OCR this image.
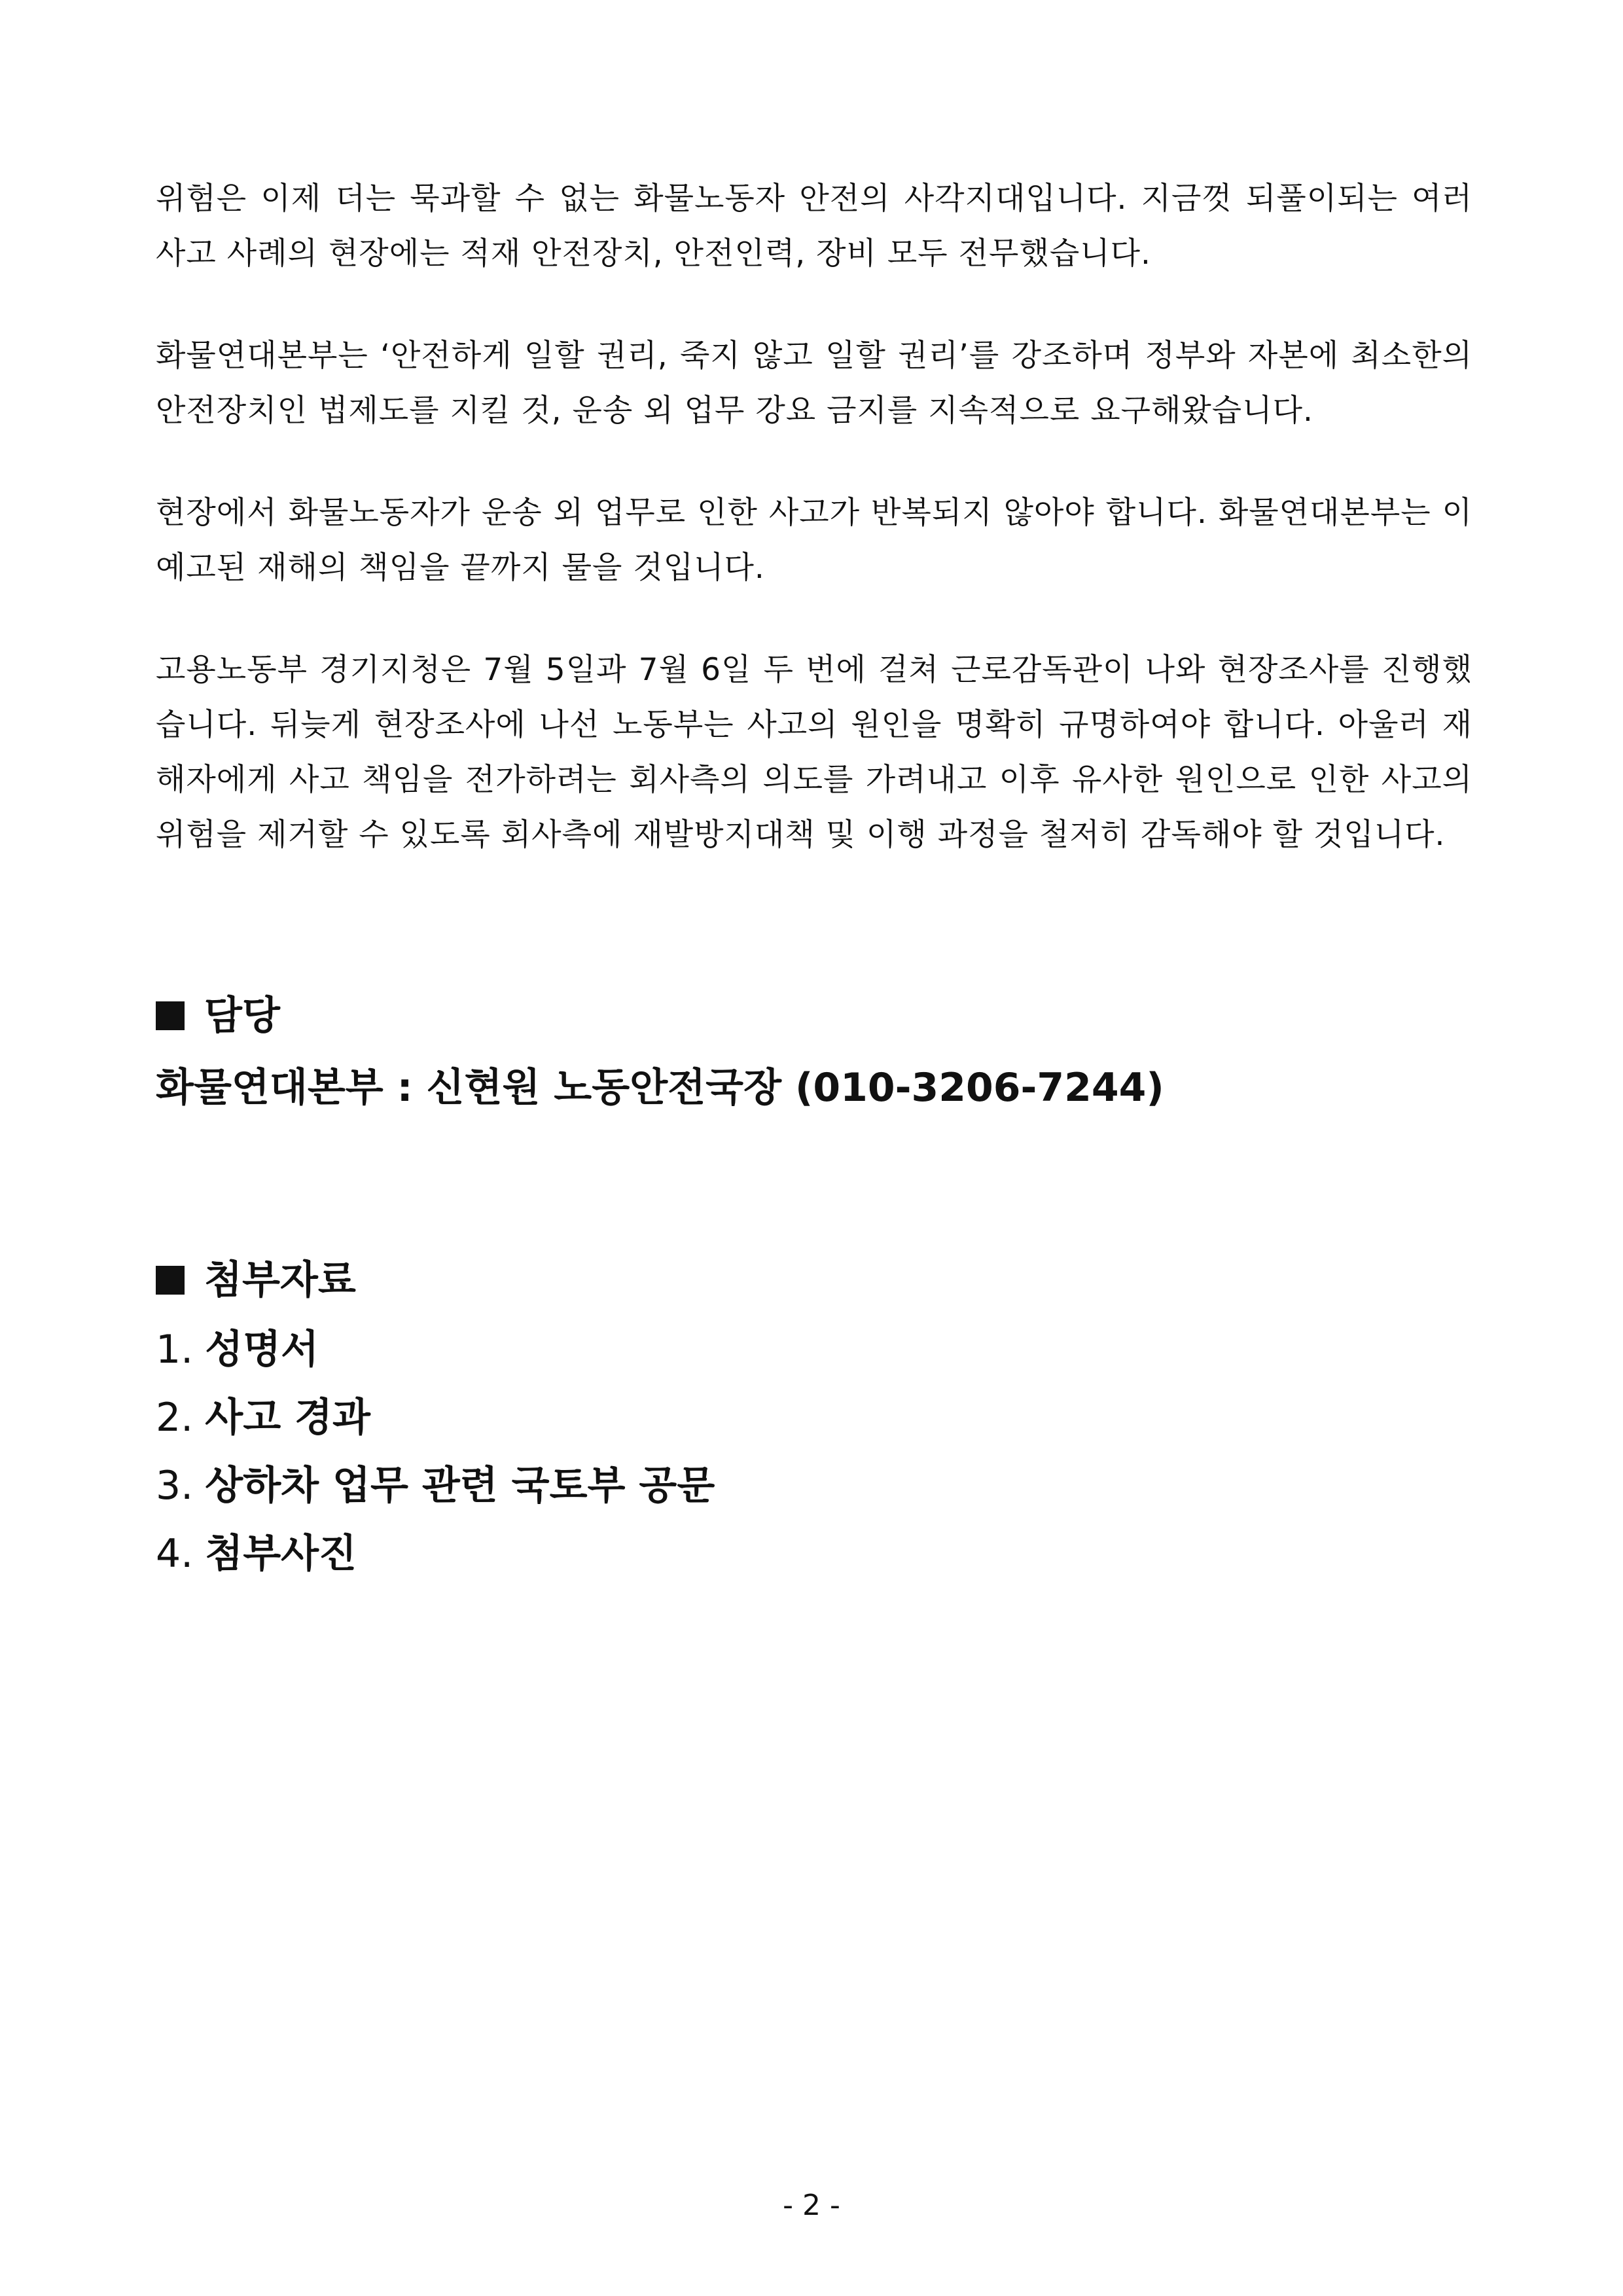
위험은 이제 더는 묵과할 수 없는 화물노동자 안전의 사각지대입니다. 지금껏 되풀이되는 여러 사고 사례의 현장에는 적재 안전장치, 안전인력, 장비 모두 전무했습니다.

화물연대본부는 ‘안전하게 일할 권리, 죽지 않고 일할 권리’를 강조하며 정부와 자본에 최소한의 안전장치인 법제도를 지킬 것, 운송 외 업무 강요 금지를 지속적으로 요구해왔습니다.

현장에서 화물노동자가 운송 외 업무로 인한 사고가 반복되지 않아야 합니다. 화물연대본부는 이 예고된 재해의 책임을 끝까지 물을 것입니다.

고용노동부 경기지청은 7월 5일과 7월 6일 두 번에 걸쳐 근로감독관이 나와 현장조사를 진행했습니다. 뒤늦게 현장조사에 나선 노동부는 사고의 원인을 명확히 규명하여야 합니다. 아울러 재해자에게 사고 책임을 전가하려는 회사측의 의도를 가려내고 이후 유사한 원인으로 인한 사고의 위험을 제거할 수 있도록 회사측에 재발방지대책 및 이행 과정을 철저히 감독해야 할 것입니다.

담당
화물연대본부 : 신현원 노동안전국장 (010-3206-7244)
첨부자료
1. 성명서
2. 사고 경과
3. 상하차 업무 관련 국토부 공문
4. 첨부사진
- 2 -
